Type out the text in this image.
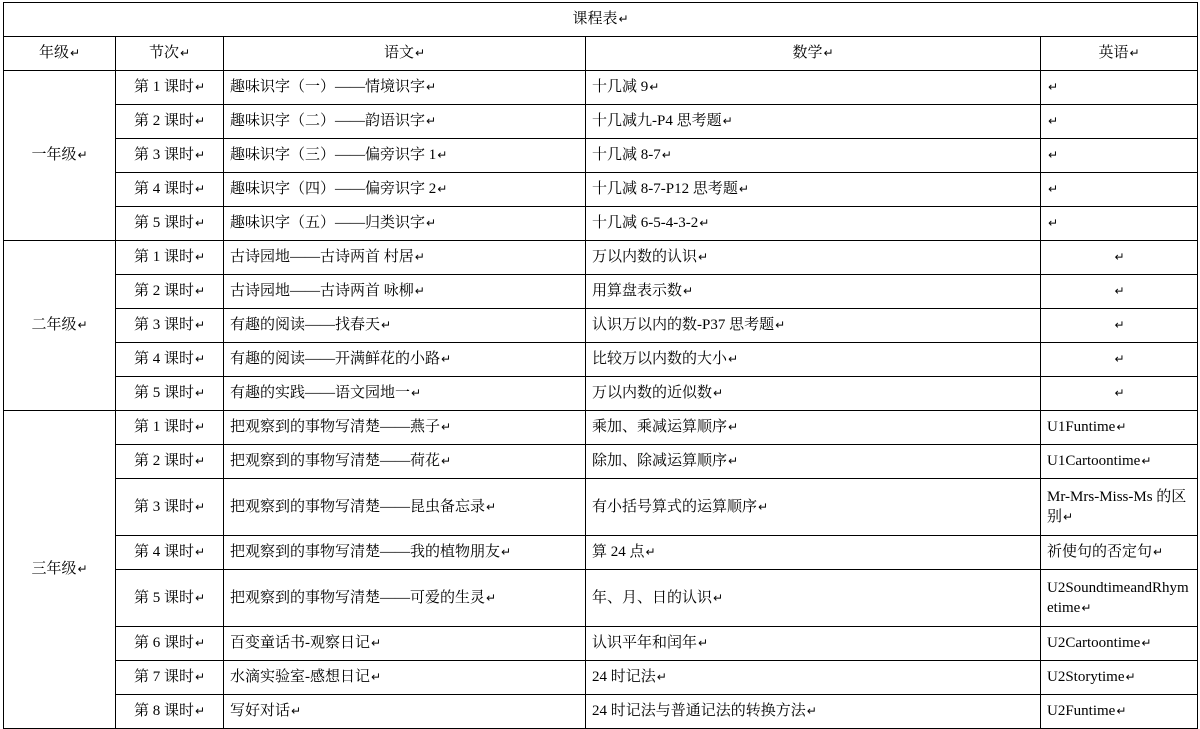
课程表↵				
年级↵	节次↵	语文↵	数学↵	英语↵
一年级↵	第 1 课时↵	趣味识字（一）——情境识字↵	十几减 9↵	↵
	第 2 课时↵	趣味识字（二）——韵语识字↵	十几减九-P4 思考题↵	↵
	第 3 课时↵	趣味识字（三）——偏旁识字 1↵	十几减 8-7↵	↵
	第 4 课时↵	趣味识字（四）——偏旁识字 2↵	十几减 8-7-P12 思考题↵	↵
	第 5 课时↵	趣味识字（五）——归类识字↵	十几减 6-5-4-3-2↵	↵
二年级↵	第 1 课时↵	古诗园地——古诗两首 村居↵	万以内数的认识↵	↵
	第 2 课时↵	古诗园地——古诗两首 咏柳↵	用算盘表示数↵	↵
	第 3 课时↵	有趣的阅读——找春天↵	认识万以内的数-P37 思考题↵	↵
	第 4 课时↵	有趣的阅读——开满鲜花的小路↵	比较万以内数的大小↵	↵
	第 5 课时↵	有趣的实践——语文园地一↵	万以内数的近似数↵	↵
三年级↵	第 1 课时↵	把观察到的事物写清楚——燕子↵	乘加、乘减运算顺序↵	U1Funtime↵
	第 2 课时↵	把观察到的事物写清楚——荷花↵	除加、除减运算顺序↵	U1Cartoontime↵
	第 3 课时↵	把观察到的事物写清楚——昆虫备忘录↵	有小括号算式的运算顺序↵	Mr-Mrs-Miss-Ms 的区别↵
	第 4 课时↵	把观察到的事物写清楚——我的植物朋友↵	算 24 点↵	祈使句的否定句↵
	第 5 课时↵	把观察到的事物写清楚——可爱的生灵↵	年、月、日的认识↵	U2SoundtimeandRhymetime↵
	第 6 课时↵	百变童话书-观察日记↵	认识平年和闰年↵	U2Cartoontime↵
	第 7 课时↵	水滴实验室-感想日记↵	24 时记法↵	U2Storytime↵
	第 8 课时↵	写好对话↵	24 时记法与普通记法的转换方法↵	U2Funtime↵
